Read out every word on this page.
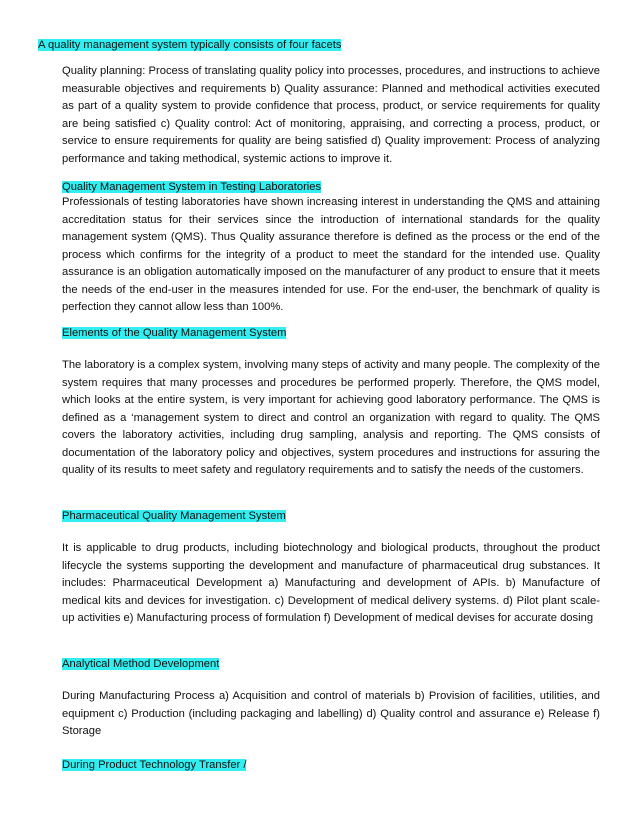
A quality management system typically consists of four facets

Quality planning: Process of translating quality policy into processes, procedures, and instructions to achieve measurable objectives and requirements b) Quality assurance: Planned and methodical activities executed as part of a quality system to provide confidence that process, product, or service requirements for quality are being satisfied c) Quality control: Act of monitoring, appraising, and correcting a process, product, or service to ensure requirements for quality are being satisfied d) Quality improvement: Process of analyzing performance and taking methodical, systemic actions to improve it.

Quality Management System in Testing Laboratories

Professionals of testing laboratories have shown increasing interest in understanding the QMS and attaining accreditation status for their services since the introduction of international standards for the quality management system (QMS). Thus Quality assurance therefore is defined as the process or the end of the process which confirms for the integrity of a product to meet the standard for the intended use. Quality assurance is an obligation automatically imposed on the manufacturer of any product to ensure that it meets the needs of the end-user in the measures intended for use. For the end-user, the benchmark of quality is perfection they cannot allow less than 100%.

Elements of the Quality Management System

The laboratory is a complex system, involving many steps of activity and many people. The complexity of the system requires that many processes and procedures be performed properly. Therefore, the QMS model, which looks at the entire system, is very important for achieving good laboratory performance. The QMS is defined as a ‘management system to direct and control an organization with regard to quality. The QMS covers the laboratory activities, including drug sampling, analysis and reporting. The QMS consists of documentation of the laboratory policy and objectives, system procedures and instructions for assuring the quality of its results to meet safety and regulatory requirements and to satisfy the needs of the customers.

Pharmaceutical Quality Management System

It is applicable to drug products, including biotechnology and biological products, throughout the product lifecycle the systems supporting the development and manufacture of pharmaceutical drug substances. It includes: Pharmaceutical Development a) Manufacturing and development of APIs. b) Manufacture of medical kits and devices for investigation. c) Development of medical delivery systems. d) Pilot plant scale-up activities e) Manufacturing process of formulation f) Development of medical devises for accurate dosing

Analytical Method Development

During Manufacturing Process a) Acquisition and control of materials b) Provision of facilities, utilities, and equipment c) Production (including packaging and labelling) d) Quality control and assurance e) Release f) Storage

During Product Technology Transfer /
